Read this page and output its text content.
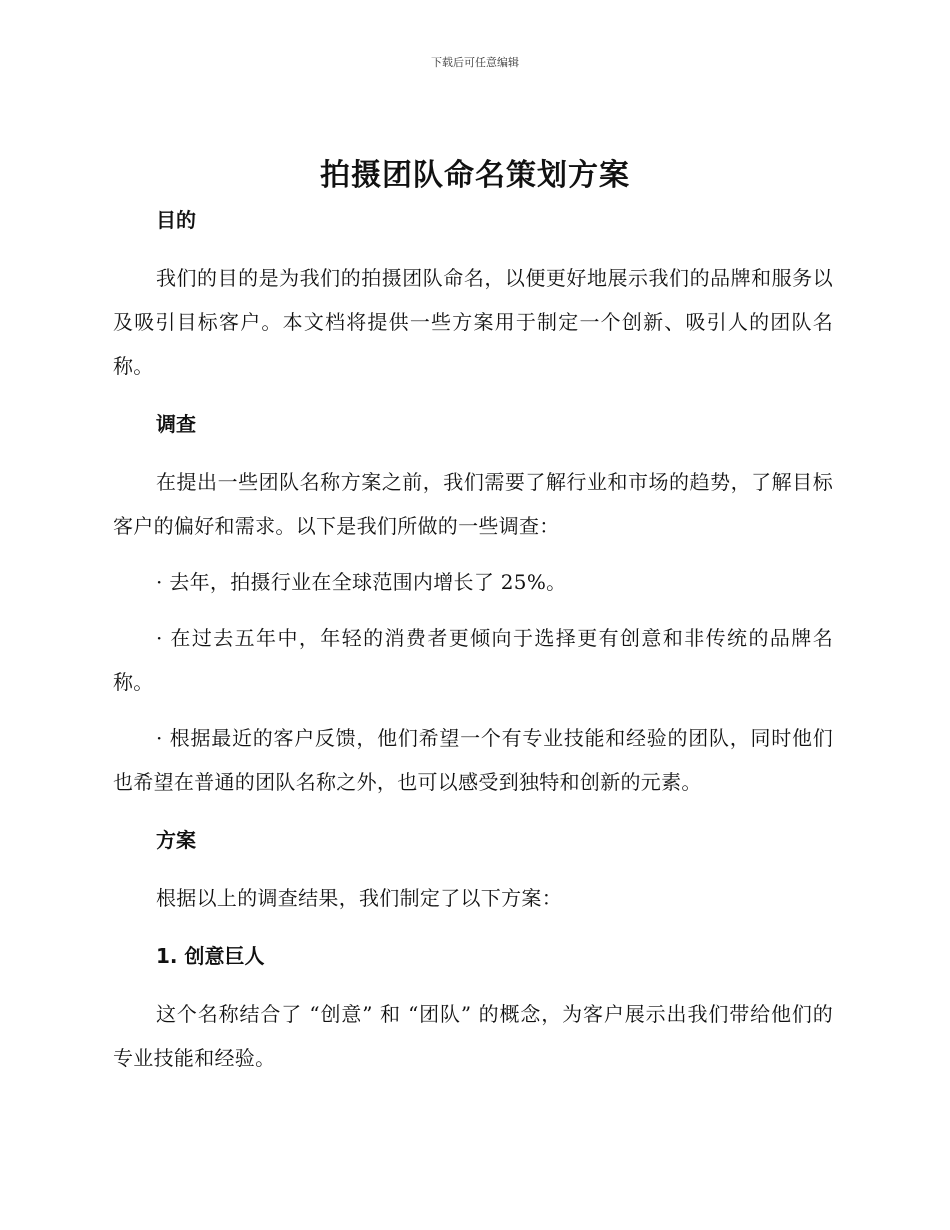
下载后可任意编辑
拍摄团队命名策划方案
目的

我们的目的是为我们的拍摄团队命名，以便更好地展示我们的品牌和服务以及吸引目标客户。本文档将提供一些方案用于制定一个创新、吸引人的团队名称。

调查

在提出一些团队名称方案之前，我们需要了解行业和市场的趋势，了解目标客户的偏好和需求。以下是我们所做的一些调查：

· 去年，拍摄行业在全球范围内增长了 25%。

· 在过去五年中，年轻的消费者更倾向于选择更有创意和非传统的品牌名称。

· 根据最近的客户反馈，他们希望一个有专业技能和经验的团队，同时他们也希望在普通的团队名称之外，也可以感受到独特和创新的元素。

方案

根据以上的调查结果，我们制定了以下方案：

1. 创意巨人

这个名称结合了 “创意” 和 “团队” 的概念，为客户展示出我们带给他们的专业技能和经验。
